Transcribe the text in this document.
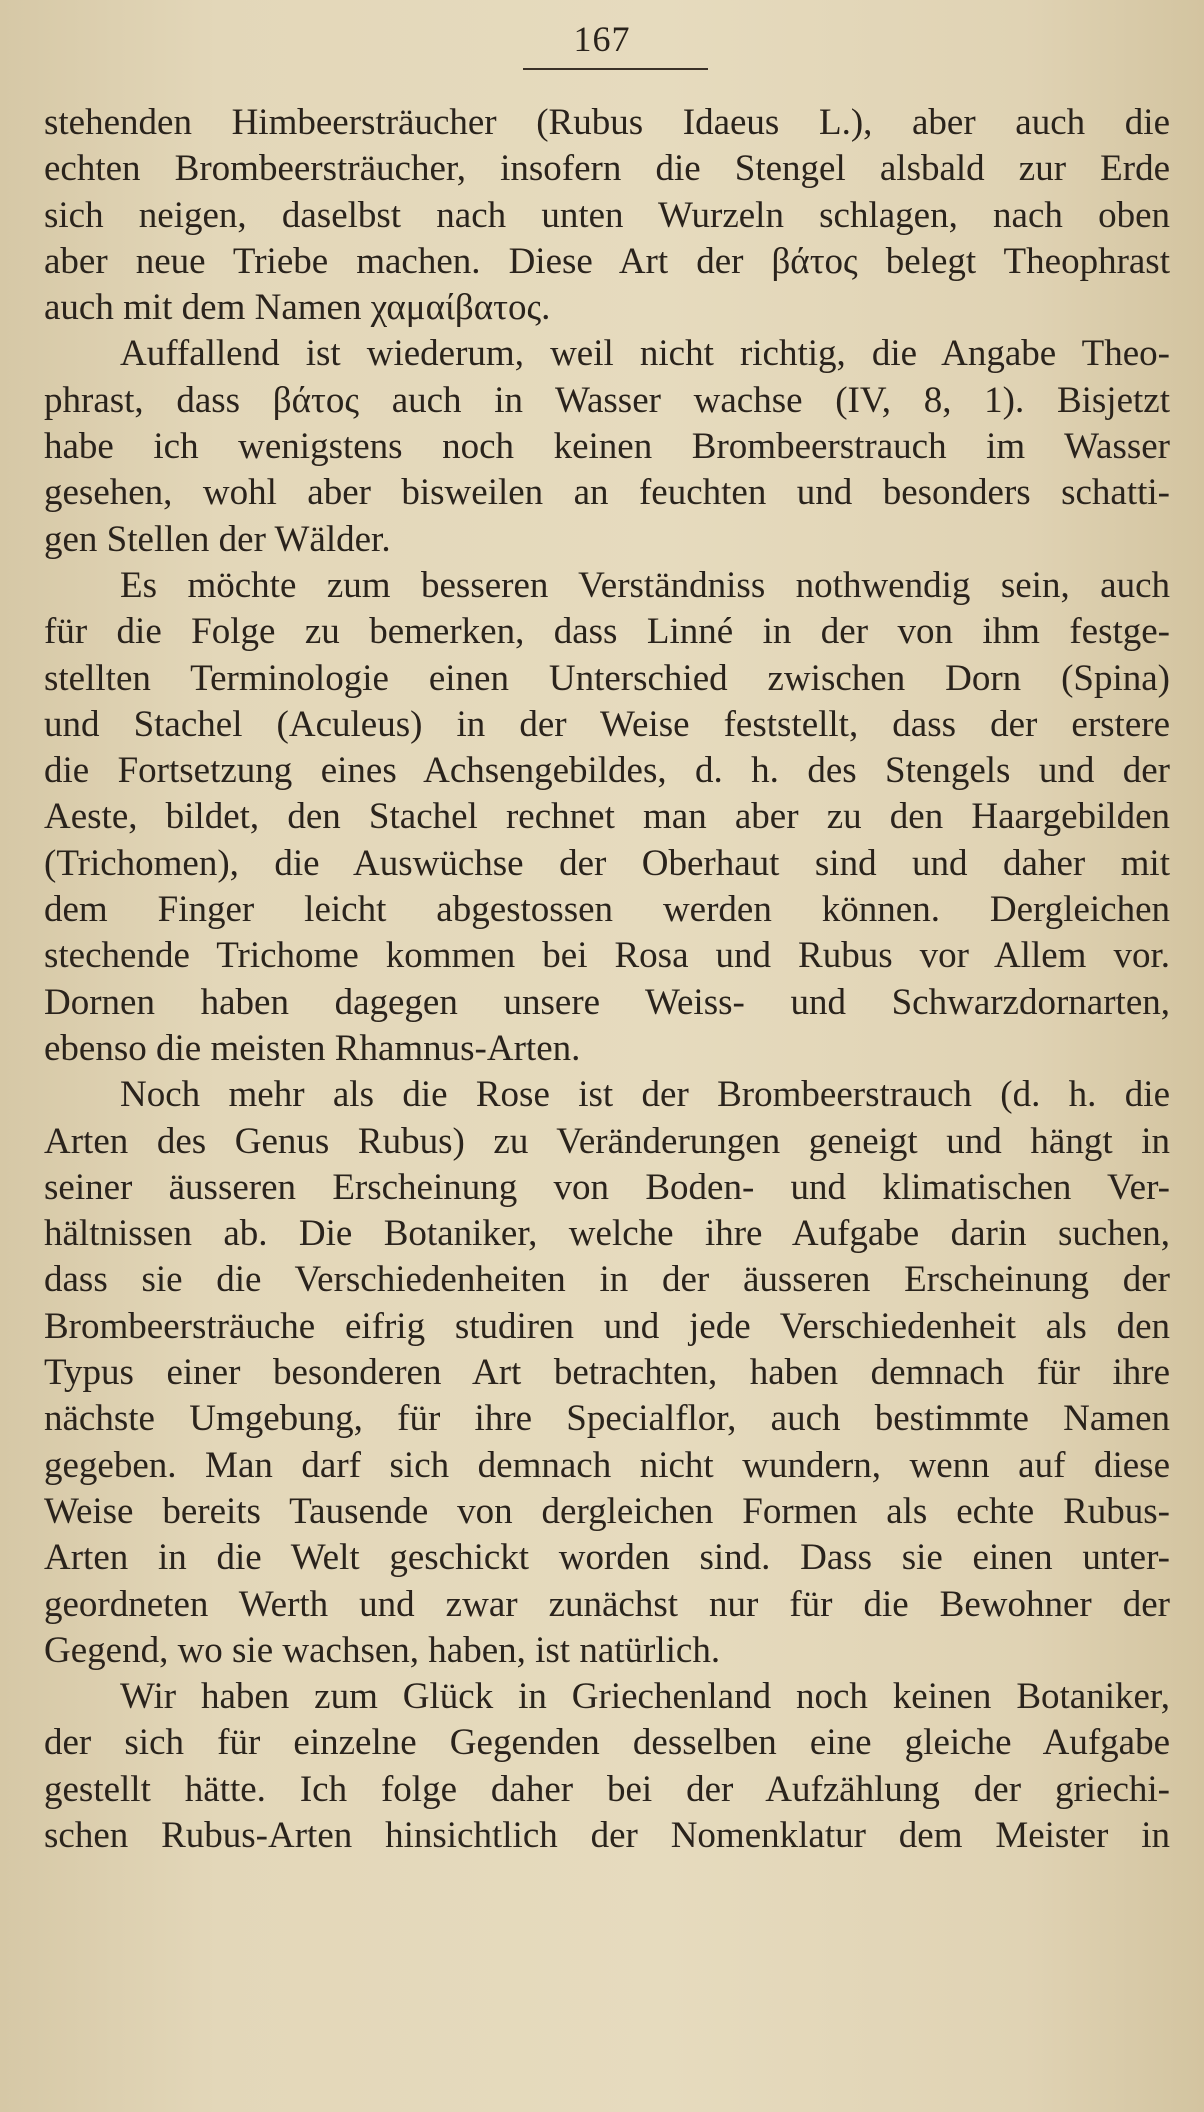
167
stehenden Himbeersträucher (Rubus Idaeus L.), aber auch die
echten Brombeersträucher, insofern die Stengel alsbald zur Erde
sich neigen, daselbst nach unten Wurzeln schlagen, nach oben
aber neue Triebe machen. Diese Art der βάτος belegt Theophrast
auch mit dem Namen χαμαίβατος.
Auffallend ist wiederum, weil nicht richtig, die Angabe Theo-
phrast, dass βάτος auch in Wasser wachse (IV, 8, 1). Bisjetzt
habe ich wenigstens noch keinen Brombeerstrauch im Wasser
gesehen, wohl aber bisweilen an feuchten und besonders schatti-
gen Stellen der Wälder.
Es möchte zum besseren Verständniss nothwendig sein, auch
für die Folge zu bemerken, dass Linné in der von ihm festge-
stellten Terminologie einen Unterschied zwischen Dorn (Spina)
und Stachel (Aculeus) in der Weise feststellt, dass der erstere
die Fortsetzung eines Achsengebildes, d. h. des Stengels und der
Aeste, bildet, den Stachel rechnet man aber zu den Haargebilden
(Trichomen), die Auswüchse der Oberhaut sind und daher mit
dem Finger leicht abgestossen werden können. Dergleichen
stechende Trichome kommen bei Rosa und Rubus vor Allem vor.
Dornen haben dagegen unsere Weiss- und Schwarzdornarten,
ebenso die meisten Rhamnus-Arten.
Noch mehr als die Rose ist der Brombeerstrauch (d. h. die
Arten des Genus Rubus) zu Veränderungen geneigt und hängt in
seiner äusseren Erscheinung von Boden- und klimatischen Ver-
hältnissen ab. Die Botaniker, welche ihre Aufgabe darin suchen,
dass sie die Verschiedenheiten in der äusseren Erscheinung der
Brombeersträuche eifrig studiren und jede Verschiedenheit als den
Typus einer besonderen Art betrachten, haben demnach für ihre
nächste Umgebung, für ihre Specialflor, auch bestimmte Namen
gegeben. Man darf sich demnach nicht wundern, wenn auf diese
Weise bereits Tausende von dergleichen Formen als echte Rubus-
Arten in die Welt geschickt worden sind. Dass sie einen unter-
geordneten Werth und zwar zunächst nur für die Bewohner der
Gegend, wo sie wachsen, haben, ist natürlich.
Wir haben zum Glück in Griechenland noch keinen Botaniker,
der sich für einzelne Gegenden desselben eine gleiche Aufgabe
gestellt hätte. Ich folge daher bei der Aufzählung der griechi-
schen Rubus-Arten hinsichtlich der Nomenklatur dem Meister in
